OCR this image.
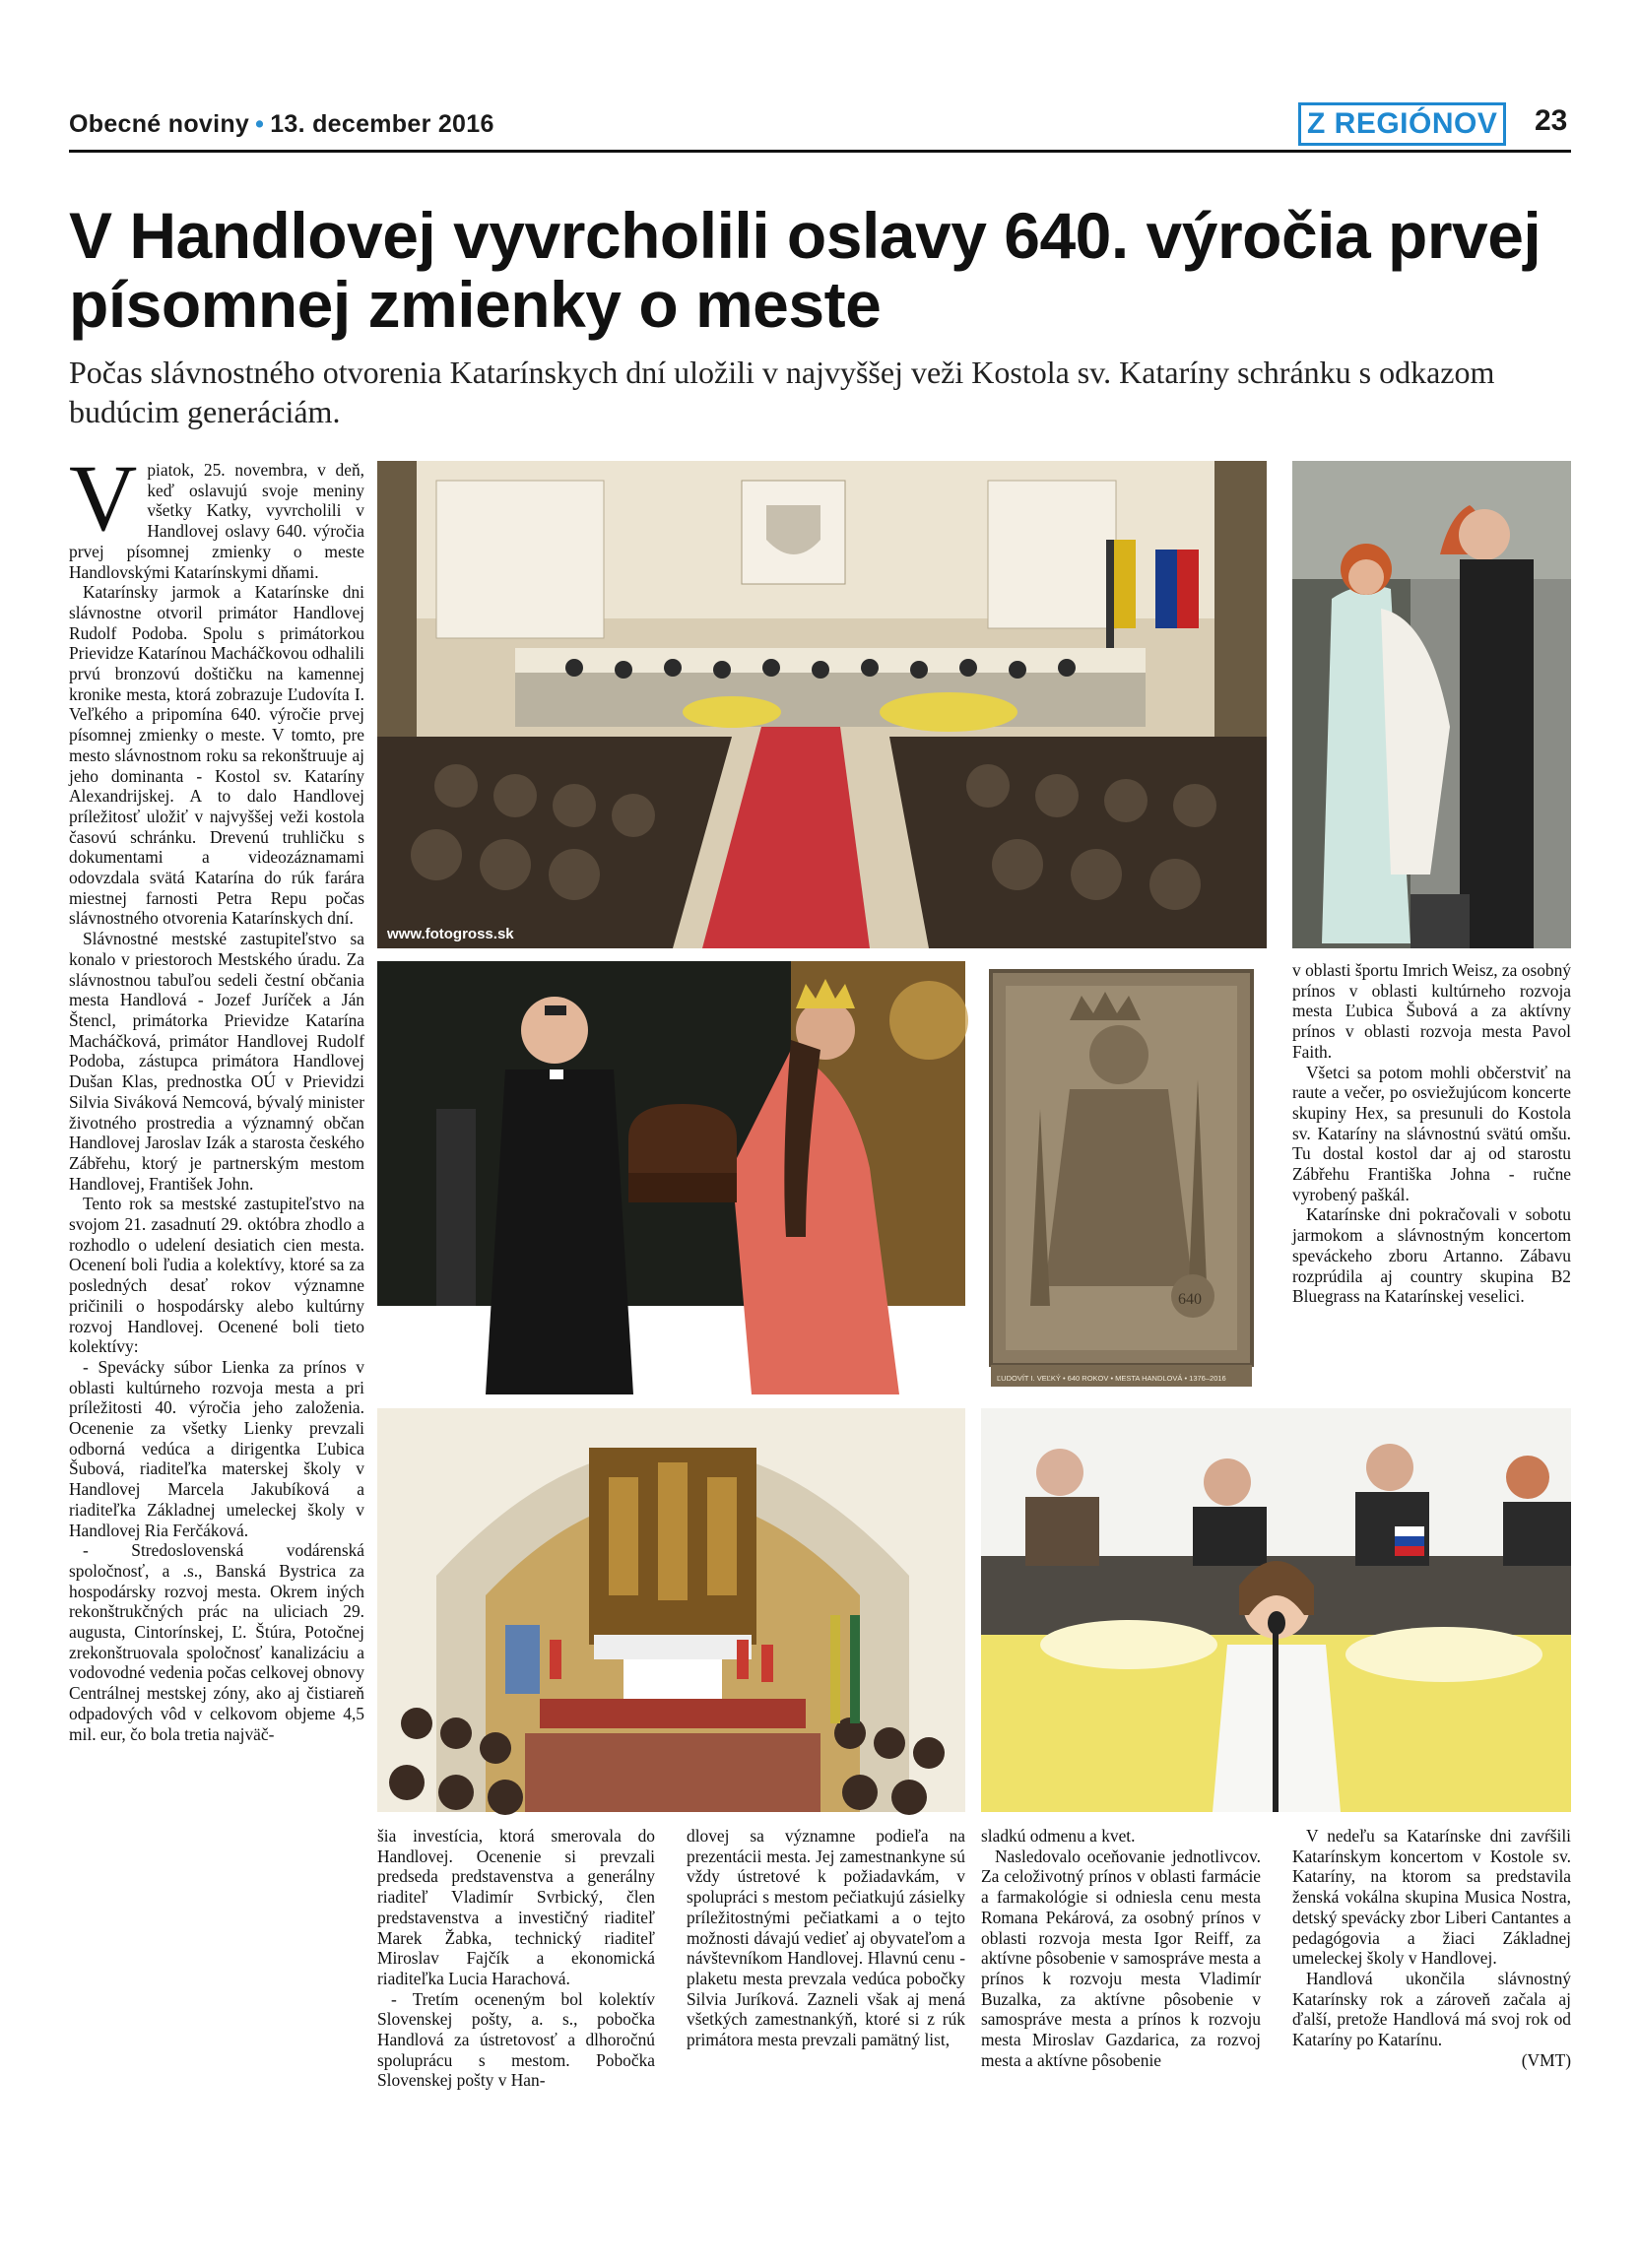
Obecné noviny • 13. december 2016	Z REGIÓNOV	23
V Handlovej vyvrcholili oslavy 640. výročia prvej písomnej zmienky o meste
Počas slávnostného otvorenia Katarínskych dní uložili v najvyššej veži Kostola sv. Kataríny schránku s odkazom budúcim generáciám.
V piatok, 25. novembra, v deň, keď oslavujú svoje meniny všetky Katky, vyvrcholili v Handlovej oslavy 640. výročia prvej písomnej zmienky o meste Handlovskými Katarínskymi dňami.

Katarínsky jarmok a Katarínske dni slávnostne otvoril primátor Handlovej Rudolf Podoba. Spolu s primátorkou Prievidze Katarínou Macháčkovou odhalili prvú bronzovú doštičku na kamennej kronike mesta, ktorá zobrazuje Ľudovíta I. Veľkého a pripomína 640. výročie prvej písomnej zmienky o meste. V tomto, pre mesto slávnostnom roku sa rekonštruuje aj jeho dominanta - Kostol sv. Kataríny Alexandrijskej. A to dalo Handlovej príležitosť uložiť v najvyššej veži kostola časovú schránku. Drevenú truhličku s dokumentami a videozáznamami odovzdala svätá Katarína do rúk farára miestnej farnosti Petra Repu počas slávnostného otvorenia Katarínskych dní.

Slávnostné mestské zastupiteľstvo sa konalo v priestoroch Mestského úradu. Za slávnostnou tabuľou sedeli čestní občania mesta Handlová - Jozef Juríček a Ján Štencl, primátorka Prievidze Katarína Macháčková, primátor Handlovej Rudolf Podoba, zástupca primátora Handlovej Dušan Klas, prednostka OÚ v Prievidzi Silvia Siváková Nemcová, bývalý minister životného prostredia a významný občan Handlovej Jaroslav Izák a starosta českého Zábřehu, ktorý je partnerským mestom Handlovej, František John.

Tento rok sa mestské zastupiteľstvo na svojom 21. zasadnutí 29. októbra zhodlo a rozhodlo o udelení desiatich cien mesta. Ocenení boli ľudia a kolektívy, ktoré sa za posledných desať rokov významne pričinili o hospodársky alebo kultúrny rozvoj Handlovej. Ocenené boli tieto kolektívy:

- Spevácky súbor Lienka za prínos v oblasti kultúrneho rozvoja mesta a pri príležitosti 40. výročia jeho založenia. Ocenenie za všetky Lienky prevzali odborná vedúca a dirigentka Ľubica Šubová, riaditeľka materskej školy v Handlovej Marcela Jakubíková a riaditeľka Základnej umeleckej školy v Handlovej Ria Ferčáková.

- Stredoslovenská vodárenská spoločnosť, a .s., Banská Bystrica za hospodársky rozvoj mesta. Okrem iných rekonštrukčných prác na uliciach 29. augusta, Cintorínskej, Ľ. Štúra, Potočnej zrekonštruovala spoločnosť kanalizáciu a vodovodné vedenia počas celkovej obnovy Centrálnej mestskej zóny, ako aj čistiareň odpadových vôd v celkovom objeme 4,5 mil. eur, čo bola tretia najväč-

www.fotogross.sk
640
ĽUDOVÍT I. VEĽKÝ • 640 ROKOV • MESTA HANDLOVÁ • 1376–2016

v oblasti športu Imrich Weisz, za osobný prínos v oblasti kultúrneho rozvoja mesta Ľubica Šubová a za aktívny prínos v oblasti rozvoja mesta Pavol Faith.

Všetci sa potom mohli občerstviť na raute a večer, po osviežujúcom koncerte skupiny Hex, sa presunuli do Kostola sv. Kataríny na slávnostnú svätú omšu. Tu dostal kostol dar aj od starostu Zábřehu Františka Johna - ručne vyrobený paškál.

Katarínske dni pokračovali v sobotu jarmokom a slávnostným koncertom speváckeho zboru Artanno. Zábavu rozprúdila aj country skupina B2 Bluegrass na Katarínskej veselici.

šia investícia, ktorá smerovala do Handlovej. Ocenenie si prevzali predseda predstavenstva a generálny riaditeľ Vladimír Svrbický, člen predstavenstva a investičný riaditeľ Marek Žabka, technický riaditeľ Miroslav Fajčík a ekonomická riaditeľka Lucia Harachová.

- Tretím oceneným bol kolektív Slovenskej pošty, a. s., pobočka Handlová za ústretovosť a dlhoročnú spoluprácu s mestom. Pobočka Slovenskej pošty v Han-

dlovej sa významne podieľa na prezentácii mesta. Jej zamestnankyne sú vždy ústretové k požiadavkám, v spolupráci s mestom pečiatkujú zásielky príležitostnými pečiatkami a o tejto možnosti dávajú vedieť aj obyvateľom a návštevníkom Handlovej. Hlavnú cenu - plaketu mesta prevzala vedúca pobočky Silvia Juríková. Zazneli však aj mená všetkých zamestnankýň, ktoré si z rúk primátora mesta prevzali pamätný list,

sladkú odmenu a kvet.

Nasledovalo oceňovanie jednotlivcov. Za celoživotný prínos v oblasti farmácie a farmakológie si odniesla cenu mesta Romana Pekárová, za osobný prínos v oblasti rozvoja mesta Igor Reiff, za aktívne pôsobenie v samospráve mesta a prínos k rozvoju mesta Vladimír Buzalka, za aktívne pôsobenie v samospráve mesta a prínos k rozvoju mesta Miroslav Gazdarica, za rozvoj mesta a aktívne pôsobenie

V nedeľu sa Katarínske dni zavŕšili Katarínskym koncertom v Kostole sv. Kataríny, na ktorom sa predstavila ženská vokálna skupina Musica Nostra, detský spevácky zbor Liberi Cantantes a pedagógovia a žiaci Základnej umeleckej školy v Handlovej.

Handlová ukončila slávnostný Katarínsky rok a zároveň začala aj ďalší, pretože Handlová má svoj rok od Kataríny po Katarínu.

(VMT)
